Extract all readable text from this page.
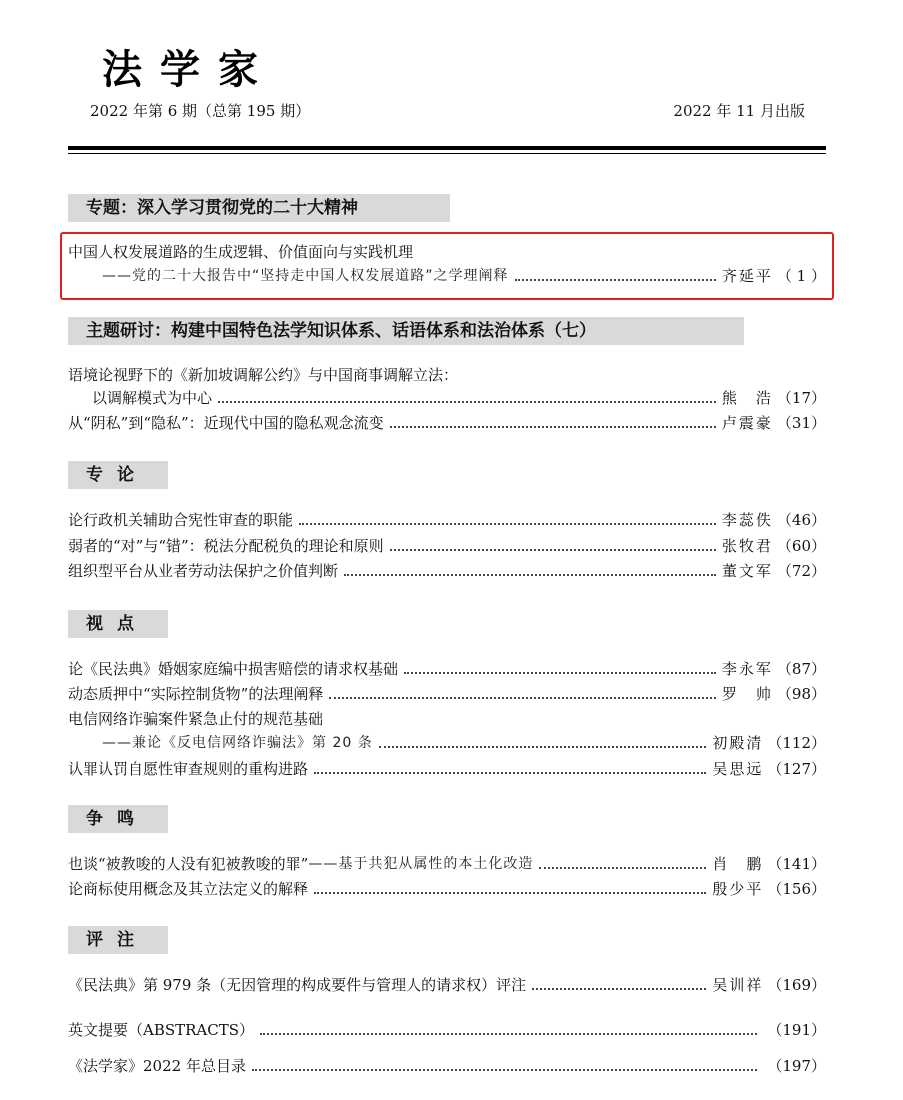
法学家
2022 年第 6 期（总第 195 期）	2022 年 11 月出版
专题：深入学习贯彻党的二十大精神
中国人权发展道路的生成逻辑、价值面向与实践机理
——党的二十大报告中“坚持走中国人权发展道路”之学理阐释	齐延平 （ 1 ）
主题研讨：构建中国特色法学知识体系、话语体系和法治体系（七）
语境论视野下的《新加坡调解公约》与中国商事调解立法：
以调解模式为中心	熊　浩 （17）
从“阴私”到“隐私”：近现代中国的隐私观念流变	卢震豪 （31）
专论
论行政机关辅助合宪性审查的职能	李蕊佚 （46）
弱者的“对”与“错”：税法分配税负的理论和原则	张牧君 （60）
组织型平台从业者劳动法保护之价值判断	董文军 （72）
视点
论《民法典》婚姻家庭编中损害赔偿的请求权基础	李永军 （87）
动态质押中“实际控制货物”的法理阐释	罗　帅 （98）
电信网络诈骗案件紧急止付的规范基础
——兼论《反电信网络诈骗法》第 20 条	初殿清 （112）
认罪认罚自愿性审查规则的重构进路	吴思远 （127）
争鸣
也谈“被教唆的人没有犯被教唆的罪” ——基于共犯从属性的本土化改造	肖　鹏 （141）
论商标使用概念及其立法定义的解释	殷少平 （156）
评注
《民法典》第 979 条（无因管理的构成要件与管理人的请求权）评注	吴训祥 （169）
英文提要（ABSTRACTS）	（191）
《法学家》2022 年总目录	（197）
